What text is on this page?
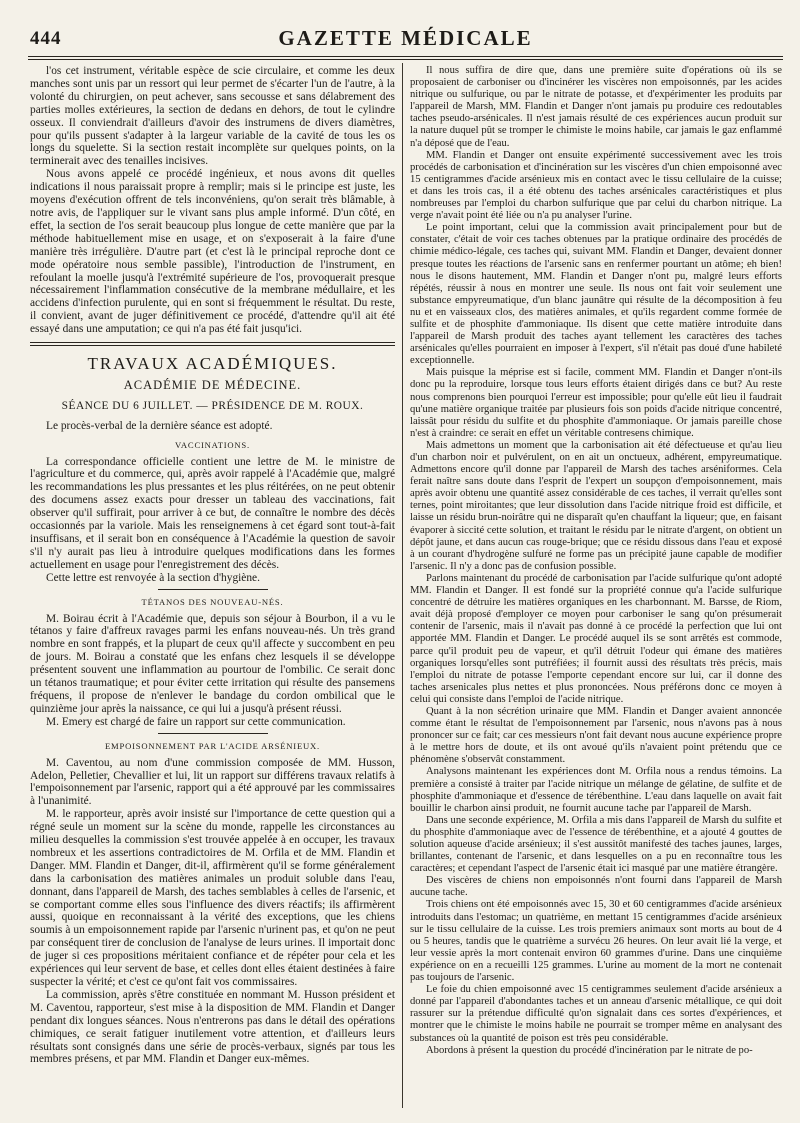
444	GAZETTE MÉDICALE

l'os cet instrument, véritable espèce de scie circulaire, et comme les deux manches sont unis par un ressort qui leur permet de s'écarter l'un de l'autre, à la volonté du chirurgien, on peut achever, sans secousse et sans délabrement des parties molles extérieures, la section de dedans en dehors, de tout le cylindre osseux. Il conviendrait d'ailleurs d'avoir des instrumens de divers diamètres, pour qu'ils pussent s'adapter à la largeur variable de la cavité de tous les os longs du squelette. Si la section restait incomplète sur quelques points, on la terminerait avec des tenailles incisives.

Nous avons appelé ce procédé ingénieux, et nous avons dit quelles indications il nous paraissait propre à remplir; mais si le principe est juste, les moyens d'exécution offrent de tels inconvéniens, qu'on serait très blâmable, à notre avis, de l'appliquer sur le vivant sans plus ample informé. D'un côté, en effet, la section de l'os serait beaucoup plus longue de cette manière que par la méthode habituellement mise en usage, et on s'exposerait à la faire d'une manière très irrégulière. D'autre part (et c'est là le principal reproche dont ce mode opératoire nous semble passible), l'introduction de l'instrument, en refoulant la moelle jusqu'à l'extrémité supérieure de l'os, provoquerait presque nécessairement l'inflammation consécutive de la membrane médullaire, et les accidens d'infection purulente, qui en sont si fréquemment le résultat. Du reste, il convient, avant de juger définitivement ce procédé, d'attendre qu'il ait été essayé dans une amputation; ce qui n'a pas été fait jusqu'ici.

TRAVAUX ACADÉMIQUES.
ACADÉMIE DE MÉDECINE.
SÉANCE DU 6 JUILLET. — PRÉSIDENCE DE M. ROUX.

Le procès-verbal de la dernière séance est adopté.

VACCINATIONS.

La correspondance officielle contient une lettre de M. le ministre de l'agriculture et du commerce, qui, après avoir rappelé à l'Académie que, malgré les recommandations les plus pressantes et les plus réitérées, on ne peut obtenir des documens assez exacts pour dresser un tableau des vaccinations, fait observer qu'il suffirait, pour arriver à ce but, de connaître le nombre des décès occasionnés par la variole. Mais les renseignemens à cet égard sont tout-à-fait insuffisans, et il serait bon en conséquence à l'Académie la question de savoir s'il n'y aurait pas lieu à introduire quelques modifications dans les formes actuellement en usage pour l'enregistrement des décès.

Cette lettre est renvoyée à la section d'hygiène.

TÉTANOS DES NOUVEAU-NÉS.

M. Boirau écrit à l'Académie que, depuis son séjour à Bourbon, il a vu le tétanos y faire d'affreux ravages parmi les enfans nouveau-nés. Un très grand nombre en sont frappés, et la plupart de ceux qu'il affecte y succombent en peu de jours. M. Boirau a constaté que les enfans chez lesquels il se développe présentent souvent une inflammation au pourtour de l'ombilic. Ce serait donc un tétanos traumatique; et pour éviter cette irritation qui résulte des pansemens fréquens, il propose de n'enlever le bandage du cordon ombilical que le quinzième jour après la naissance, ce qui lui a jusqu'à présent réussi.

M. Emery est chargé de faire un rapport sur cette communication.

EMPOISONNEMENT PAR L'ACIDE ARSÉNIEUX.

M. Caventou, au nom d'une commission composée de MM. Husson, Adelon, Pelletier, Chevallier et lui, lit un rapport sur différens travaux relatifs à l'empoisonnement par l'arsenic, rapport qui a été approuvé par les commissaires à l'unanimité.

M. le rapporteur, après avoir insisté sur l'importance de cette question qui a régné seule un moment sur la scène du monde, rappelle les circonstances au milieu desquelles la commission s'est trouvée appelée à en occuper, les travaux nombreux et les assertions contradictoires de M. Orfila et de MM. Flandin et Danger. MM. Flandin et Danger, dit-il, affirmèrent qu'il se forme généralement dans la carbonisation des matières animales un produit soluble dans l'eau, donnant, dans l'appareil de Marsh, des taches semblables à celles de l'arsenic, et se comportant comme elles sous l'influence des divers réactifs; ils affirmèrent aussi, quoique en reconnaissant à la vérité des exceptions, que les chiens soumis à un empoisonnement rapide par l'arsenic n'urinent pas, et qu'on ne peut par conséquent tirer de conclusion de l'analyse de leurs urines. Il importait donc de juger si ces propositions méritaient confiance et de répéter pour cela et les expériences qui leur servent de base, et celles dont elles étaient destinées à faire suspecter la vérité; et c'est ce qu'ont fait vos commissaires.

La commission, après s'être constituée en nommant M. Husson président et M. Caventou, rapporteur, s'est mise à la disposition de MM. Flandin et Danger pendant dix longues séances. Nous n'entrerons pas dans le détail des opérations chimiques, ce serait fatiguer inutilement votre attention, et d'ailleurs leurs résultats sont consignés dans une série de procès-verbaux, signés par tous les membres présens, et par MM. Flandin et Danger eux-mêmes.

Il nous suffira de dire que, dans une première suite d'opérations où ils se proposaient de carboniser ou d'incinérer les viscères non empoisonnés, par les acides nitrique ou sulfurique, ou par le nitrate de potasse, et d'expérimenter les produits par l'appareil de Marsh, MM. Flandin et Danger n'ont jamais pu produire ces redoutables taches pseudo-arsénicales. Il n'est jamais résulté de ces expériences aucun produit sur la nature duquel pût se tromper le chimiste le moins habile, car jamais le gaz enflammé n'a déposé que de l'eau.

MM. Flandin et Danger ont ensuite expérimenté successivement avec les trois procédés de carbonisation et d'incinération sur les viscères d'un chien empoisonné avec 15 centigrammes d'acide arsénieux mis en contact avec le tissu cellulaire de la cuisse; et dans les trois cas, il a été obtenu des taches arsénicales caractéristiques et plus nombreuses par l'emploi du charbon sulfurique que par celui du charbon nitrique. La verge n'avait point été liée ou n'a pu analyser l'urine.

Le point important, celui que la commission avait principalement pour but de constater, c'était de voir ces taches obtenues par la pratique ordinaire des procédés de chimie médico-légale, ces taches qui, suivant MM. Flandin et Danger, devaient donner presque toutes les réactions de l'arsenic sans en renfermer pourtant un atôme; eh bien! nous le disons hautement, MM. Flandin et Danger n'ont pu, malgré leurs efforts répétés, réussir à nous en montrer une seule. Ils nous ont fait voir seulement une substance empyreumatique, d'un blanc jaunâtre qui résulte de la décomposition à feu nu et en vaisseaux clos, des matières animales, et qu'ils regardent comme formée de sulfite et de phosphite d'ammoniaque. Ils disent que cette matière introduite dans l'appareil de Marsh produit des taches ayant tellement les caractères des taches arsénicales qu'elles pourraient en imposer à l'expert, s'il n'était pas doué d'une habileté exceptionnelle.

Mais puisque la méprise est si facile, comment MM. Flandin et Danger n'ont-ils donc pu la reproduire, lorsque tous leurs efforts étaient dirigés dans ce but? Au reste nous comprenons bien pourquoi l'erreur est impossible; pour qu'elle eût lieu il faudrait qu'une matière organique traitée par plusieurs fois son poids d'acide nitrique concentré, laissât pour résidu du sulfite et du phosphite d'ammoniaque. Or jamais pareille chose n'est à craindre: ce serait en effet un véritable contresens chimique.

Mais admettons un moment que la carbonisation ait été défectueuse et qu'au lieu d'un charbon noir et pulvérulent, on en ait un onctueux, adhérent, empyreumatique. Admettons encore qu'il donne par l'appareil de Marsh des taches arséniformes. Cela ferait naître sans doute dans l'esprit de l'expert un soupçon d'empoisonnement, mais après avoir obtenu une quantité assez considérable de ces taches, il verrait qu'elles sont ternes, point miroitantes; que leur dissolution dans l'acide nitrique froid est difficile, et laisse un résidu brun-noirâtre qui ne disparaît qu'en chauffant la liqueur; que, en faisant évaporer à siccité cette solution, et traitant le résidu par le nitrate d'argent, on obtient un dépôt jaune, et dans aucun cas rouge-brique; que ce résidu dissous dans l'eau et exposé à un courant d'hydrogène sulfuré ne forme pas un précipité jaune capable de modifier l'arsenic. Il n'y a donc pas de confusion possible.

Parlons maintenant du procédé de carbonisation par l'acide sulfurique qu'ont adopté MM. Flandin et Danger. Il est fondé sur la propriété connue qu'a l'acide sulfurique concentré de détruire les matières organiques en les charbonnant. M. Barsse, de Riom, avait déjà proposé d'employer ce moyen pour carboniser le sang qu'on présumerait contenir de l'arsenic, mais il n'avait pas donné à ce procédé la perfection que lui ont apportée MM. Flandin et Danger. Le procédé auquel ils se sont arrêtés est commode, parce qu'il produit peu de vapeur, et qu'il détruit l'odeur qui émane des matières organiques lorsqu'elles sont putréfiées; il fournit aussi des résultats très précis, mais l'emploi du nitrate de potasse l'emporte cependant encore sur lui, car il donne des taches arsenicales plus nettes et plus prononcées. Nous préférons donc ce moyen à celui qui consiste dans l'emploi de l'acide nitrique.

Quant à la non sécrétion urinaire que MM. Flandin et Danger avaient annoncée comme étant le résultat de l'empoisonnement par l'arsenic, nous n'avons pas à nous prononcer sur ce fait; car ces messieurs n'ont fait devant nous aucune expérience propre à le mettre hors de doute, et ils ont avoué qu'ils n'avaient point prétendu que ce phénomène s'observât constamment.

Analysons maintenant les expériences dont M. Orfila nous a rendus témoins. La première a consisté à traiter par l'acide nitrique un mélange de gélatine, de sulfite et de phosphite d'ammoniaque et d'essence de térébenthine. L'eau dans laquelle on avait fait bouillir le charbon ainsi produit, ne fournit aucune tache par l'appareil de Marsh.

Dans une seconde expérience, M. Orfila a mis dans l'appareil de Marsh du sulfite et du phosphite d'ammoniaque avec de l'essence de térébenthine, et a ajouté 4 gouttes de solution aqueuse d'acide arsénieux; il s'est aussitôt manifesté des taches jaunes, larges, brillantes, contenant de l'arsenic, et dans lesquelles on a pu en reconnaître tous les caractères; et cependant l'aspect de l'arsenic était ici masqué par une matière étrangère.

Des viscères de chiens non empoisonnés n'ont fourni dans l'appareil de Marsh aucune tache.

Trois chiens ont été empoisonnés avec 15, 30 et 60 centigrammes d'acide arsénieux introduits dans l'estomac; un quatrième, en mettant 15 centigrammes d'acide arsénieux sur le tissu cellulaire de la cuisse. Les trois premiers animaux sont morts au bout de 4 ou 5 heures, tandis que le quatrième a survécu 26 heures. On leur avait lié la verge, et leur vessie après la mort contenait environ 60 grammes d'urine. Dans une cinquième expérience on en a recueilli 125 grammes. L'urine au moment de la mort ne contenait pas toujours de l'arsenic.

Le foie du chien empoisonné avec 15 centigrammes seulement d'acide arsénieux a donné par l'appareil d'abondantes taches et un anneau d'arsenic métallique, ce qui doit rassurer sur la prétendue difficulté qu'on signalait dans ces sortes d'expériences, et montrer que le chimiste le moins habile ne pourrait se tromper même en analysant des substances où la quantité de poison est très peu considérable.

Abordons à présent la question du procédé d'incinération par le nitrate de po-
